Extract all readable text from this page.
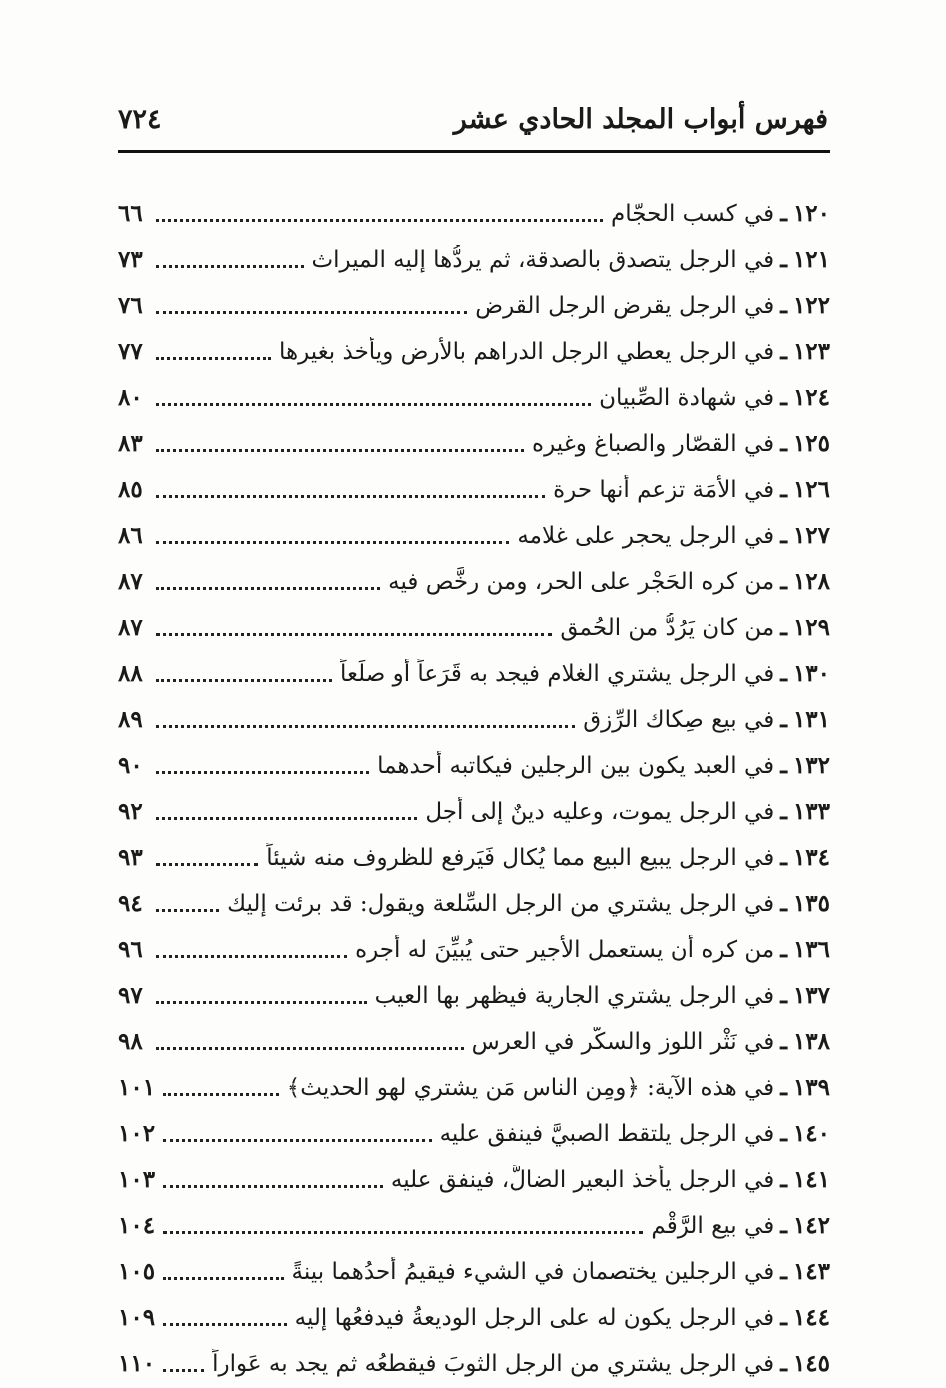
فهرس أبواب المجلد الحادي عشر
٧٢٤
١٢٠
ـ
في كسب الحجّام
٦٦
١٢١
ـ
في الرجل يتصدق بالصدقة، ثم يردُّها إليه الميراث
٧٣
١٢٢
ـ
في الرجل يقرض الرجل القرض
٧٦
١٢٣
ـ
في الرجل يعطي الرجل الدراهم بالأرض ويأخذ بغيرها
٧٧
١٢٤
ـ
في شهادة الصِّبيان
٨٠
١٢٥
ـ
في القصّار والصباغ وغيره
٨٣
١٢٦
ـ
في الأَمَة تزعم أنها حرة
٨٥
١٢٧
ـ
في الرجل يحجر على غلامه
٨٦
١٢٨
ـ
من كره الحَجْر على الحر، ومن رخَّص فيه
٨٧
١٢٩
ـ
من كان يَرُدُّ من الحُمق
٨٧
١٣٠
ـ
في الرجل يشتري الغلام فيجد به قَرَعاً أو صلَعاً
٨٨
١٣١
ـ
في بيع صِكاك الرِّزق
٨٩
١٣٢
ـ
في العبد يكون بين الرجلين فيكاتبه أحدهما
٩٠
١٣٣
ـ
في الرجل يموت، وعليه دينٌ إلى أجل
٩٢
١٣٤
ـ
في الرجل يبيع البيع مما يُكال فَيَرفع للظروف منه شيئاً
٩٣
١٣٥
ـ
في الرجل يشتري من الرجل السِّلعة ويقول: قد برئت إليك
٩٤
١٣٦
ـ
من كره أن يستعمل الأجير حتى يُبيِّنَ له أجره
٩٦
١٣٧
ـ
في الرجل يشتري الجارية فيظهر بها العيب
٩٧
١٣٨
ـ
في نَثْر اللوز والسكَّر في العرس
٩٨
١٣٩
ـ
في هذه الآية: ﴿ومِن الناس مَن يشتري لهو الحديث﴾
١٠١
١٤٠
ـ
في الرجل يلتقط الصبيَّ فينفق عليه
١٠٢
١٤١
ـ
في الرجل يأخذ البعير الضالَّ، فينفق عليه
١٠٣
١٤٢
ـ
في بيع الرَّقْم
١٠٤
١٤٣
ـ
في الرجلين يختصمان في الشيء فيقيمُ أحدُهما بينةً
١٠٥
١٤٤
ـ
في الرجل يكون له على الرجل الوديعةُ فيدفعُها إليه
١٠٩
١٤٥
ـ
في الرجل يشتري من الرجل الثوبَ فيقطعُه ثم يجد به عَواراً
١١٠
